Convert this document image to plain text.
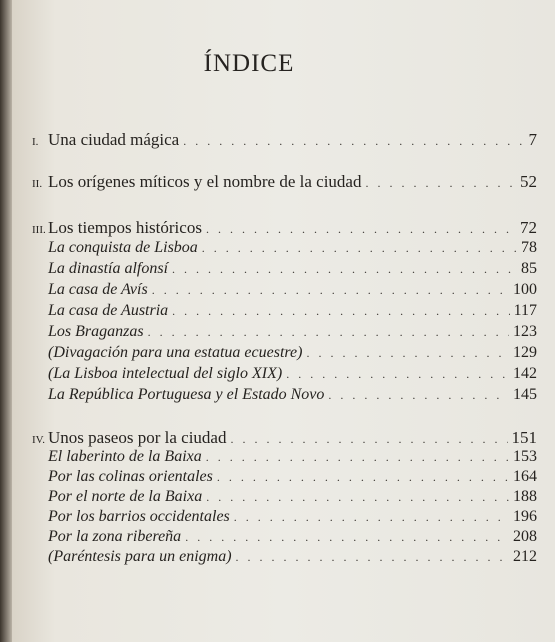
ÍNDICE
I. Una ciudad mágica . . .	7
II. Los orígenes míticos y el nombre de la ciudad . . .	52
III. Los tiempos históricos . . .	72
La conquista de Lisboa . . .	78
La dinastía alfonsí . . .	85
La casa de Avís . . .	100
La casa de Austria . . .	117
Los Braganzas . . .	123
(Divagación para una estatua ecuestre) . . .	129
(La Lisboa intelectual del siglo XIX) . . .	142
La República Portuguesa y el Estado Novo . . .	145
IV. Unos paseos por la ciudad . . .	151
El laberinto de la Baixa . . .	153
Por las colinas orientales . . .	164
Por el norte de la Baixa . . .	188
Por los barrios occidentales . . .	196
Por la zona ribereña . . .	208
(Paréntesis para un enigma) . . .	212
